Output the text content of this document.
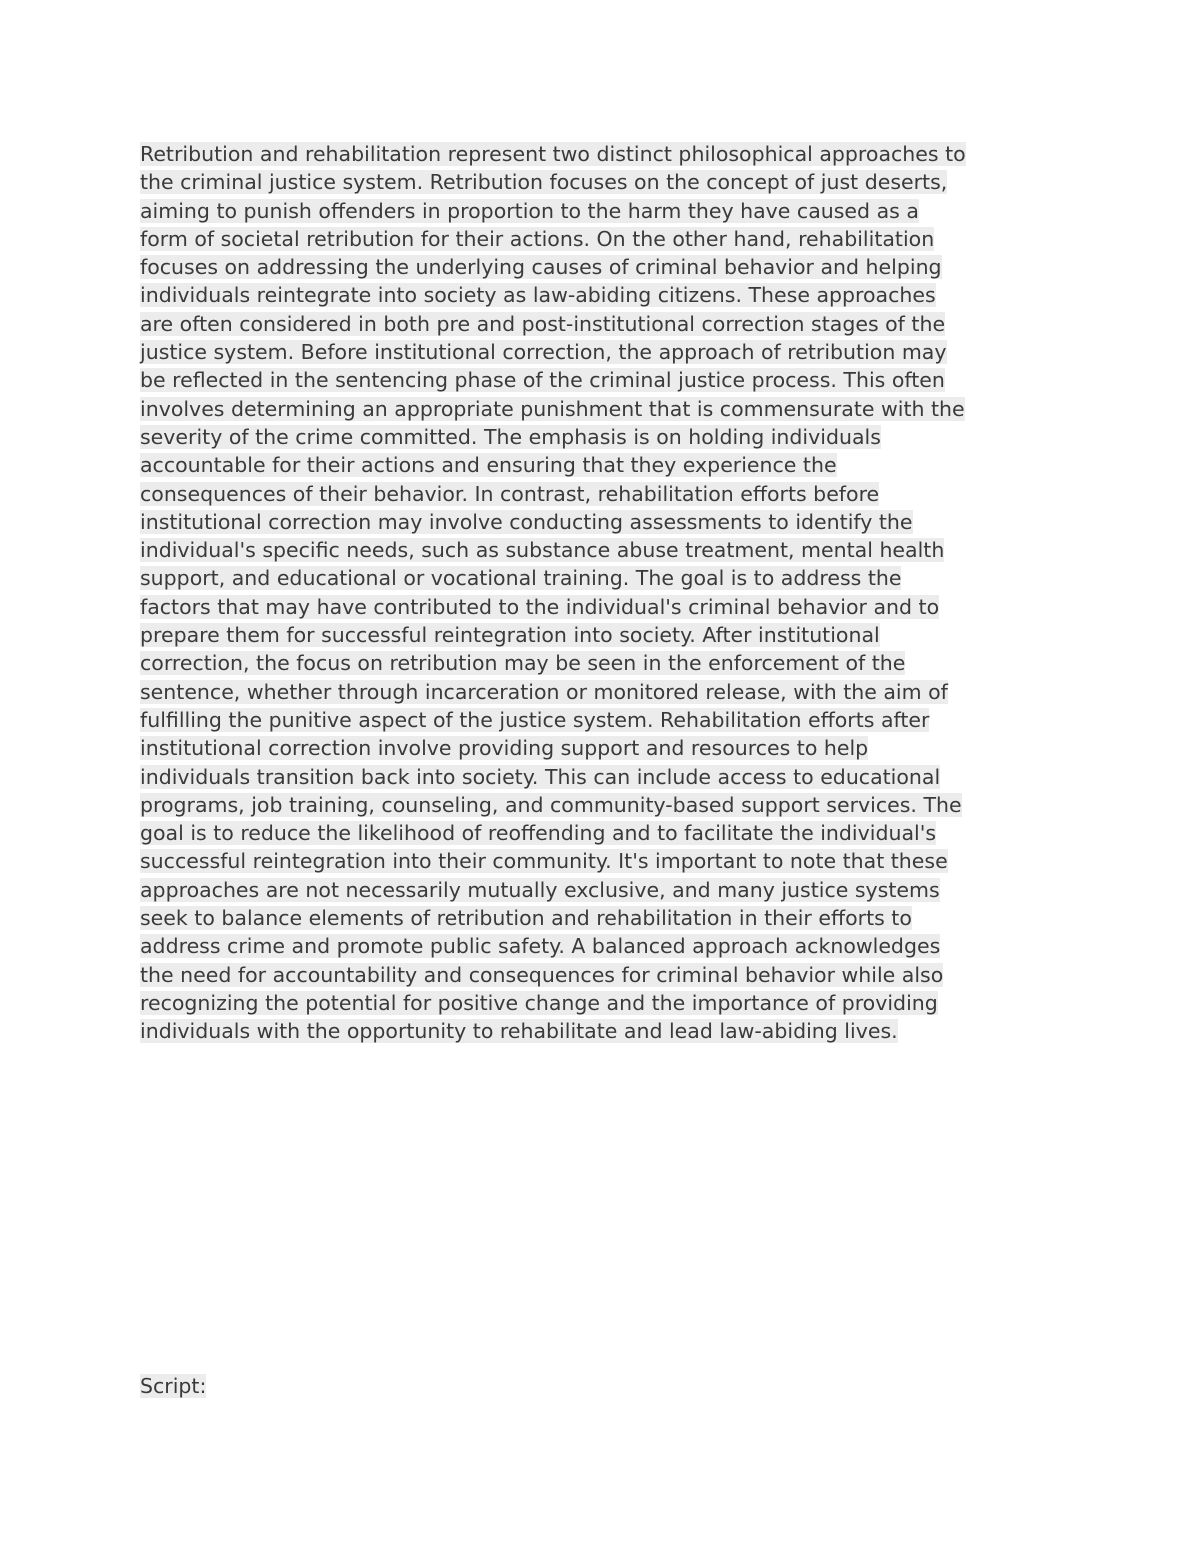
Retribution and rehabilitation represent two distinct philosophical approaches to
the criminal justice system. Retribution focuses on the concept of just deserts,
aiming to punish offenders in proportion to the harm they have caused as a
form of societal retribution for their actions. On the other hand, rehabilitation
focuses on addressing the underlying causes of criminal behavior and helping
individuals reintegrate into society as law-abiding citizens. These approaches
are often considered in both pre and post-institutional correction stages of the
justice system. Before institutional correction, the approach of retribution may
be reflected in the sentencing phase of the criminal justice process. This often
involves determining an appropriate punishment that is commensurate with the
severity of the crime committed. The emphasis is on holding individuals
accountable for their actions and ensuring that they experience the
consequences of their behavior. In contrast, rehabilitation efforts before
institutional correction may involve conducting assessments to identify the
individual's specific needs, such as substance abuse treatment, mental health
support, and educational or vocational training. The goal is to address the
factors that may have contributed to the individual's criminal behavior and to
prepare them for successful reintegration into society. After institutional
correction, the focus on retribution may be seen in the enforcement of the
sentence, whether through incarceration or monitored release, with the aim of
fulfilling the punitive aspect of the justice system. Rehabilitation efforts after
institutional correction involve providing support and resources to help
individuals transition back into society. This can include access to educational
programs, job training, counseling, and community-based support services. The
goal is to reduce the likelihood of reoffending and to facilitate the individual's
successful reintegration into their community. It's important to note that these
approaches are not necessarily mutually exclusive, and many justice systems
seek to balance elements of retribution and rehabilitation in their efforts to
address crime and promote public safety. A balanced approach acknowledges
the need for accountability and consequences for criminal behavior while also
recognizing the potential for positive change and the importance of providing
individuals with the opportunity to rehabilitate and lead law-abiding lives.
Script:
